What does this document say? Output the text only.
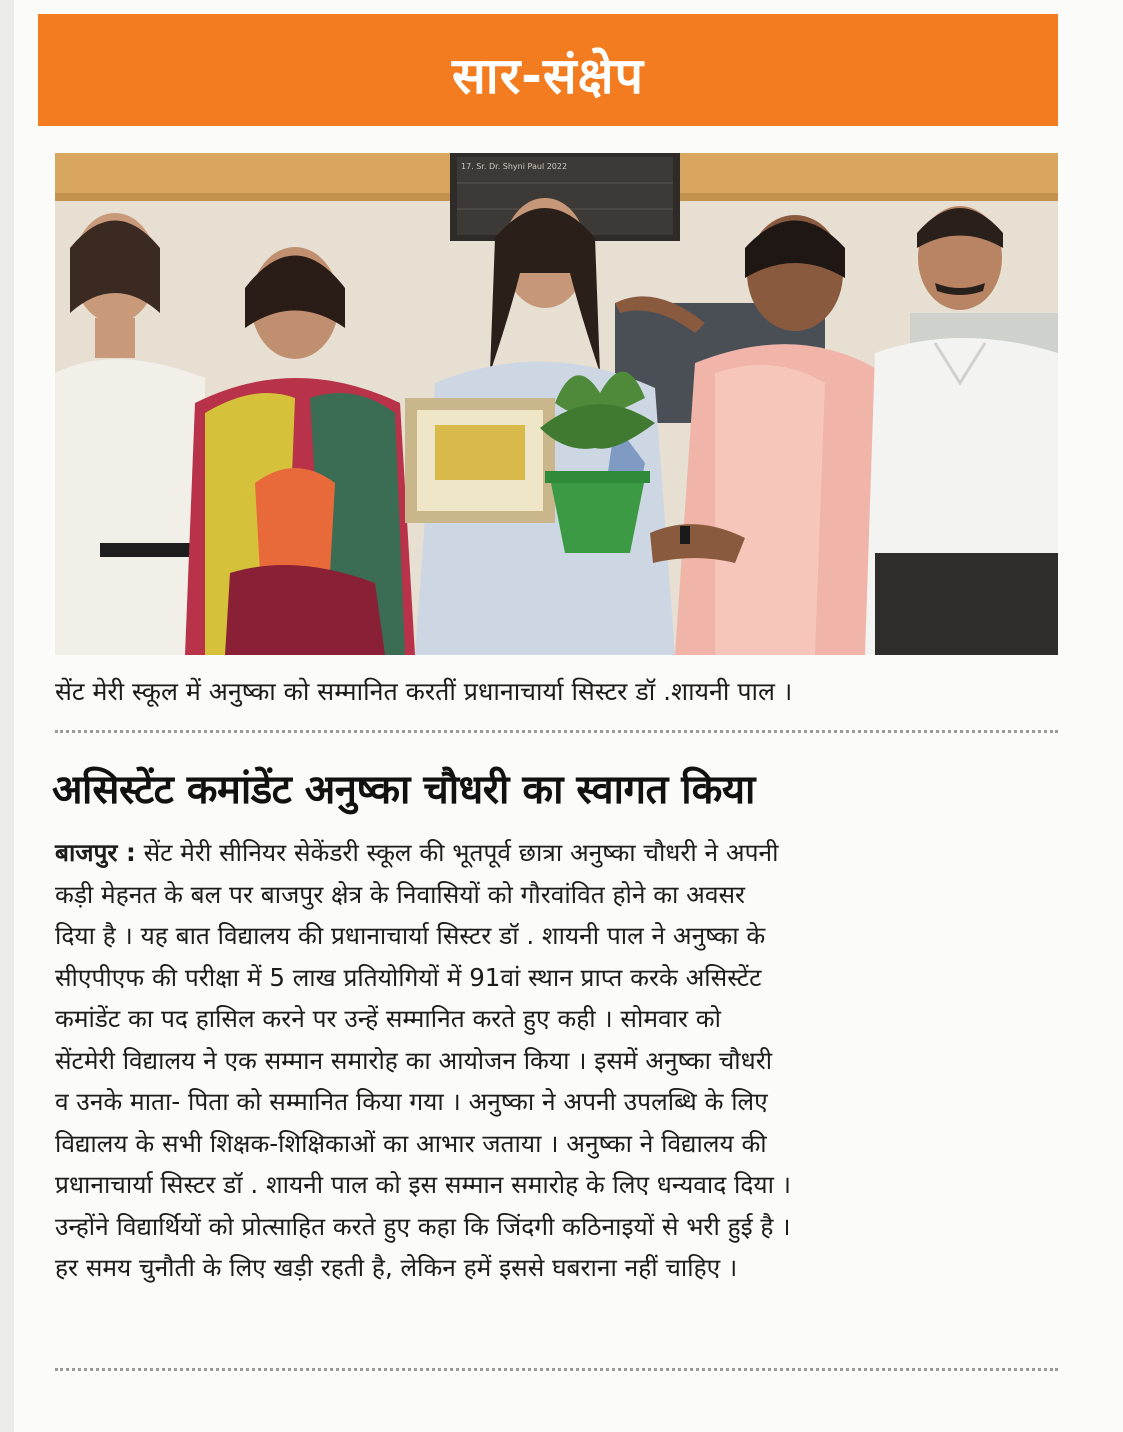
सार-संक्षेप
17. Sr. Dr. Shyni Paul 2022
सेंट मेरी स्कूल में अनुष्का को सम्मानित करतीं प्रधानाचार्या सिस्टर डॉ .शायनी पाल ।
असिस्टेंट कमांडेंट अनुष्का चौधरी का स्वागत किया
बाजपुर : सेंट मेरी सीनियर सेकेंडरी स्कूल की भूतपूर्व छात्रा अनुष्का चौधरी ने अपनी
कड़ी मेहनत के बल पर बाजपुर क्षेत्र के निवासियों को गौरवांवित होने का अवसर
दिया है । यह बात विद्यालय की प्रधानाचार्या सिस्टर डॉ . शायनी पाल ने अनुष्का के
सीएपीएफ की परीक्षा में 5 लाख प्रतियोगियों में 91वां स्थान प्राप्त करके असिस्टेंट
कमांडेंट का पद हासिल करने पर उन्हें सम्मानित करते हुए कही । सोमवार को
सेंटमेरी विद्यालय ने एक सम्मान समारोह का आयोजन किया । इसमें अनुष्का चौधरी
व उनके माता- पिता को सम्मानित किया गया । अनुष्का ने अपनी उपलब्धि के लिए
विद्यालय के सभी शिक्षक-शिक्षिकाओं का आभार जताया । अनुष्का ने विद्यालय की
प्रधानाचार्या सिस्टर डॉ . शायनी पाल को इस सम्मान समारोह के लिए धन्यवाद दिया ।
उन्होंने विद्यार्थियों को प्रोत्साहित करते हुए कहा कि जिंदगी कठिनाइयों से भरी हुई है ।
हर समय चुनौती के लिए खड़ी रहती है, लेकिन हमें इससे घबराना नहीं चाहिए ।
